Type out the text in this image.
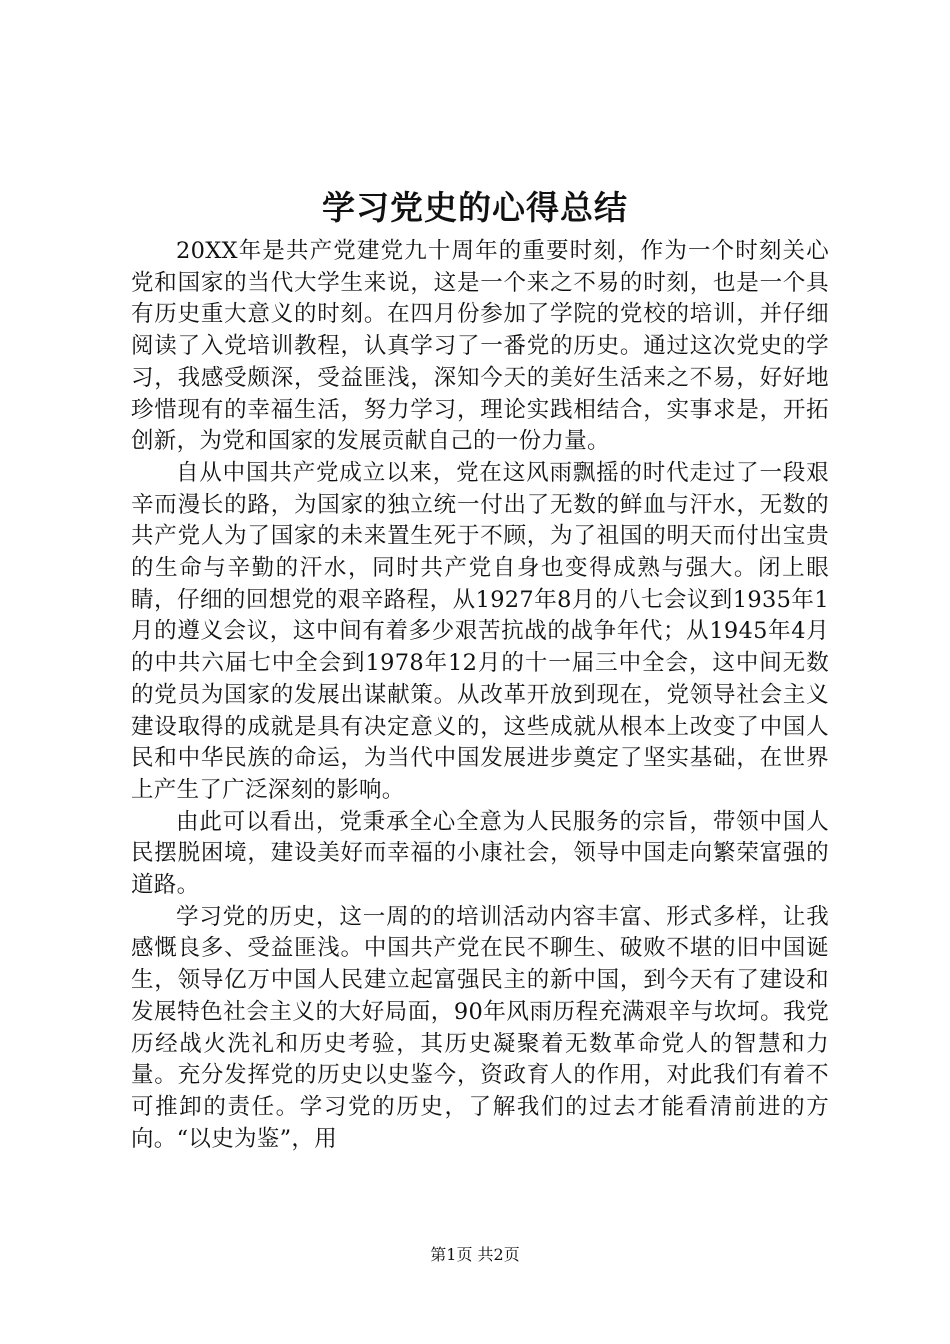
学习党史的心得总结

20XX年是共产党建党九十周年的重要时刻，作为一个时刻关心党和国家的当代大学生来说，这是一个来之不易的时刻，也是一个具有历史重大意义的时刻。在四月份参加了学院的党校的培训，并仔细阅读了入党培训教程，认真学习了一番党的历史。通过这次党史的学习，我感受颇深，受益匪浅，深知今天的美好生活来之不易，好好地珍惜现有的幸福生活，努力学习，理论实践相结合，实事求是，开拓创新，为党和国家的发展贡献自己的一份力量。

自从中国共产党成立以来，党在这风雨飘摇的时代走过了一段艰辛而漫长的路，为国家的独立统一付出了无数的鲜血与汗水，无数的共产党人为了国家的未来置生死于不顾，为了祖国的明天而付出宝贵的生命与辛勤的汗水，同时共产党自身也变得成熟与强大。闭上眼睛，仔细的回想党的艰辛路程，从1927年8月的八七会议到1935年1月的遵义会议，这中间有着多少艰苦抗战的战争年代；从1945年4月的中共六届七中全会到1978年12月的十一届三中全会，这中间无数的党员为国家的发展出谋献策。从改革开放到现在，党领导社会主义建设取得的成就是具有决定意义的，这些成就从根本上改变了中国人民和中华民族的命运，为当代中国发展进步奠定了坚实基础，在世界上产生了广泛深刻的影响。

由此可以看出，党秉承全心全意为人民服务的宗旨，带领中国人民摆脱困境，建设美好而幸福的小康社会，领导中国走向繁荣富强的道路。

学习党的历史，这一周的的培训活动内容丰富、形式多样，让我感慨良多、受益匪浅。中国共产党在民不聊生、破败不堪的旧中国诞生，领导亿万中国人民建立起富强民主的新中国，到今天有了建设和发展特色社会主义的大好局面，90年风雨历程充满艰辛与坎坷。我党历经战火洗礼和历史考验，其历史凝聚着无数革命党人的智慧和力量。充分发挥党的历史以史鉴今，资政育人的作用，对此我们有着不可推卸的责任。学习党的历史，了解我们的过去才能看清前进的方向。“以史为鉴”，用

第1页 共2页
